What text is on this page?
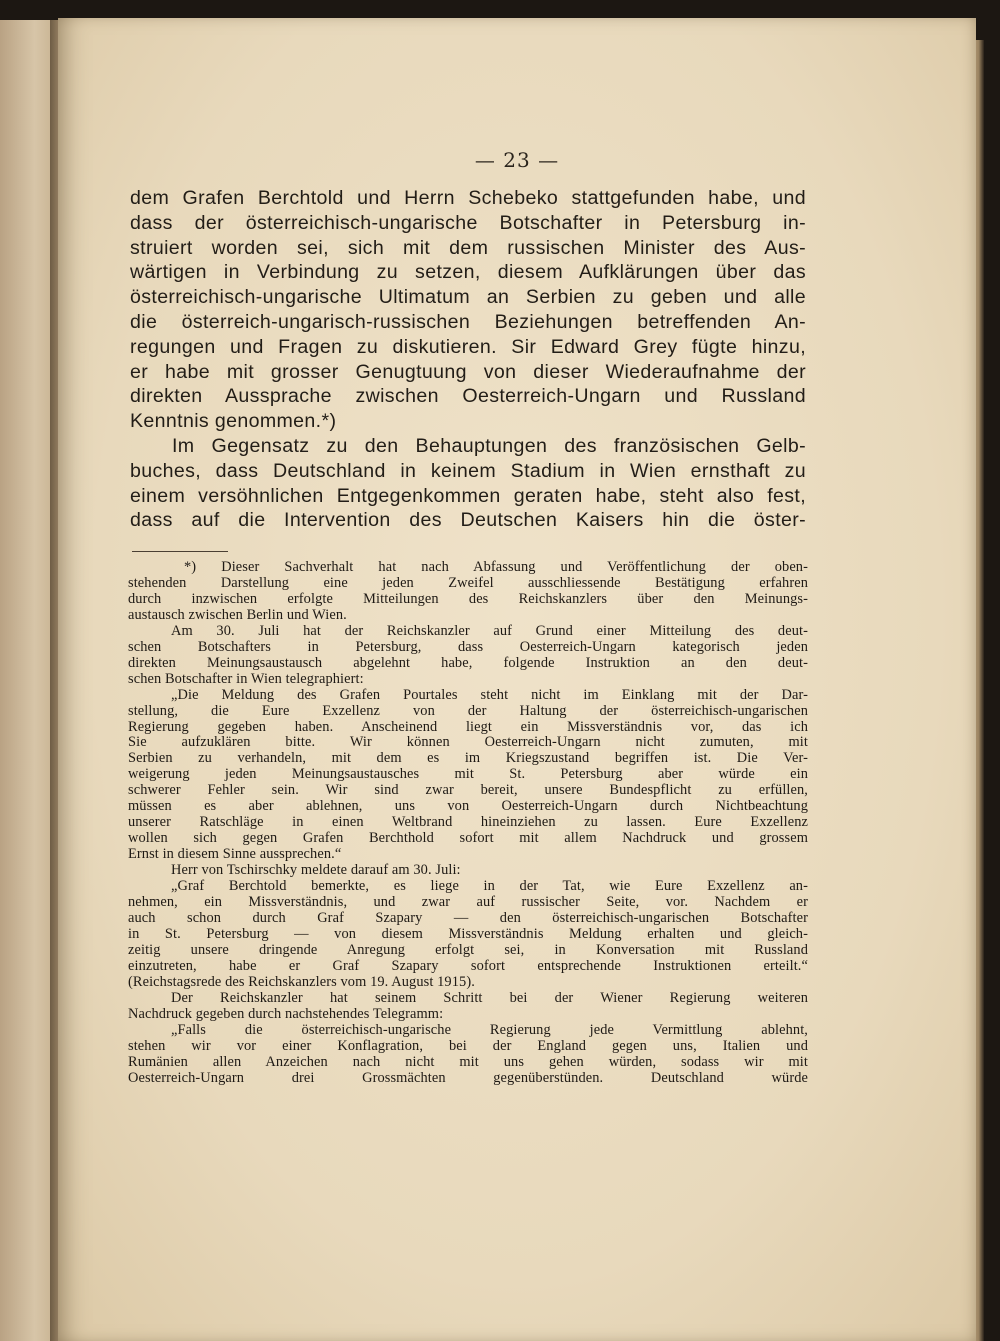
— 23 —
dem Grafen Berchtold und Herrn Schebeko stattgefunden habe, und
dass der österreichisch-ungarische Botschafter in Petersburg in-
struiert worden sei, sich mit dem russischen Minister des Aus-
wärtigen in Verbindung zu setzen, diesem Aufklärungen über das
österreichisch-ungarische Ultimatum an Serbien zu geben und alle
die österreich-ungarisch-russischen Beziehungen betreffenden An-
regungen und Fragen zu diskutieren. Sir Edward Grey fügte hinzu,
er habe mit grosser Genugtuung von dieser Wiederaufnahme der
direkten Aussprache zwischen Oesterreich-Ungarn und Russland
Kenntnis genommen.*)
Im Gegensatz zu den Behauptungen des französischen Gelb-
buches, dass Deutschland in keinem Stadium in Wien ernsthaft zu
einem versöhnlichen Entgegenkommen geraten habe, steht also fest,
dass auf die Intervention des Deutschen Kaisers hin die öster-
*) Dieser Sachverhalt hat nach Abfassung und Veröffentlichung der oben-
stehenden Darstellung eine jeden Zweifel ausschliessende Bestätigung erfahren
durch inzwischen erfolgte Mitteilungen des Reichskanzlers über den Meinungs-
austausch zwischen Berlin und Wien.
Am 30. Juli hat der Reichskanzler auf Grund einer Mitteilung des deut-
schen Botschafters in Petersburg, dass Oesterreich-Ungarn kategorisch jeden
direkten Meinungsaustausch abgelehnt habe, folgende Instruktion an den deut-
schen Botschafter in Wien telegraphiert:
„Die Meldung des Grafen Pourtales steht nicht im Einklang mit der Dar-
stellung, die Eure Exzellenz von der Haltung der österreichisch-ungarischen
Regierung gegeben haben. Anscheinend liegt ein Missverständnis vor, das ich
Sie aufzuklären bitte. Wir können Oesterreich-Ungarn nicht zumuten, mit
Serbien zu verhandeln, mit dem es im Kriegszustand begriffen ist. Die Ver-
weigerung jeden Meinungsaustausches mit St. Petersburg aber würde ein
schwerer Fehler sein. Wir sind zwar bereit, unsere Bundespflicht zu erfüllen,
müssen es aber ablehnen, uns von Oesterreich-Ungarn durch Nichtbeachtung
unserer Ratschläge in einen Weltbrand hineinziehen zu lassen. Eure Exzellenz
wollen sich gegen Grafen Berchthold sofort mit allem Nachdruck und grossem
Ernst in diesem Sinne aussprechen.“
Herr von Tschirschky meldete darauf am 30. Juli:
„Graf Berchtold bemerkte, es liege in der Tat, wie Eure Exzellenz an-
nehmen, ein Missverständnis, und zwar auf russischer Seite, vor. Nachdem er
auch schon durch Graf Szapary — den österreichisch-ungarischen Botschafter
in St. Petersburg — von diesem Missverständnis Meldung erhalten und gleich-
zeitig unsere dringende Anregung erfolgt sei, in Konversation mit Russland
einzutreten, habe er Graf Szapary sofort entsprechende Instruktionen erteilt.“
(Reichstagsrede des Reichskanzlers vom 19. August 1915).
Der Reichskanzler hat seinem Schritt bei der Wiener Regierung weiteren
Nachdruck gegeben durch nachstehendes Telegramm:
„Falls die österreichisch-ungarische Regierung jede Vermittlung ablehnt,
stehen wir vor einer Konflagration, bei der England gegen uns, Italien und
Rumänien allen Anzeichen nach nicht mit uns gehen würden, sodass wir mit
Oesterreich-Ungarn drei Grossmächten gegenüberstünden. Deutschland würde
